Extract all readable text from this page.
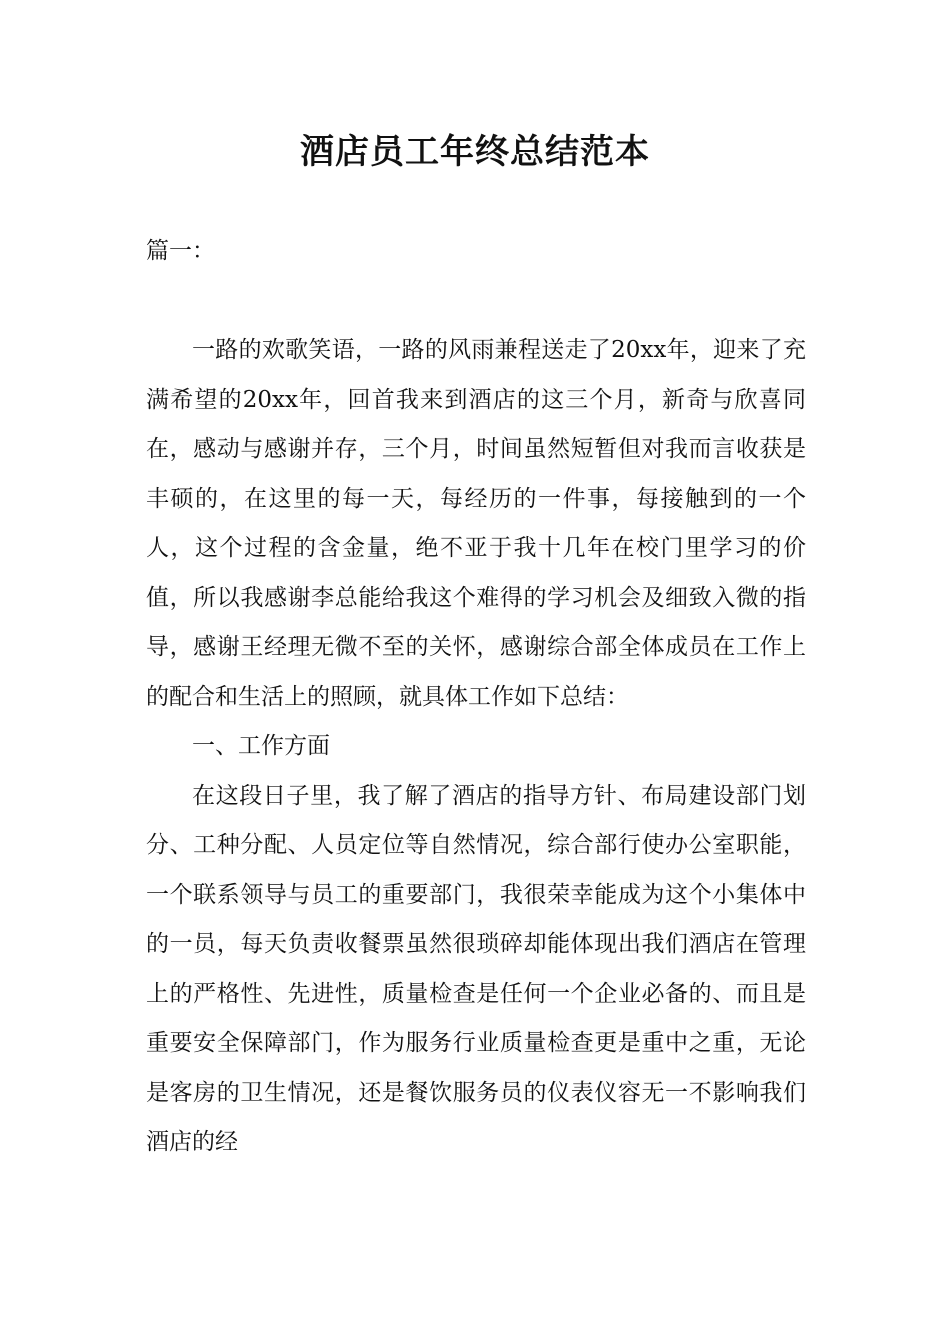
酒店员工年终总结范本
篇一：

一路的欢歌笑语，一路的风雨兼程送走了20xx年，迎来了充满希望的20xx年，回首我来到酒店的这三个月，新奇与欣喜同在，感动与感谢并存，三个月，时间虽然短暂但对我而言收获是丰硕的，在这里的每一天，每经历的一件事，每接触到的一个人，这个过程的含金量，绝不亚于我十几年在校门里学习的价值，所以我感谢李总能给我这个难得的学习机会及细致入微的指导，感谢王经理无微不至的关怀，感谢综合部全体成员在工作上的配合和生活上的照顾，就具体工作如下总结：

一、工作方面

在这段日子里，我了解了酒店的指导方针、布局建设部门划分、工种分配、人员定位等自然情况，综合部行使办公室职能，一个联系领导与员工的重要部门，我很荣幸能成为这个小集体中的一员，每天负责收餐票虽然很琐碎却能体现出我们酒店在管理上的严格性、先进性，质量检查是任何一个企业必备的、而且是重要安全保障部门，作为服务行业质量检查更是重中之重，无论是客房的卫生情况，还是餐饮服务员的仪表仪容无一不影响我们酒店的经
